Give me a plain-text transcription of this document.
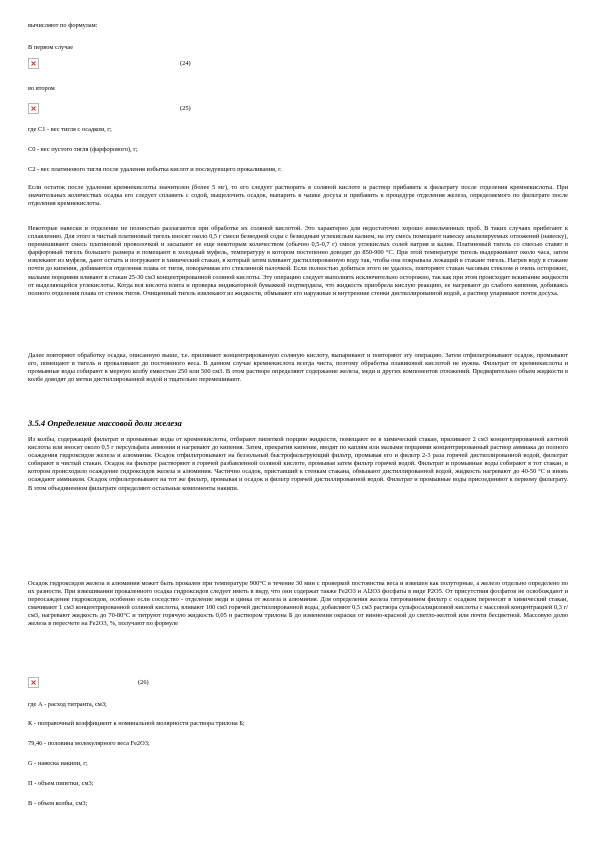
вычисляют по формулам:

В первом случае

(24)

во втором

(25)

где C1 - вес тигля с осадком, г;

C0 - вес пустого тигля (фарфорового), г;

C2 - вес платинового тигля после удаления избытка кислот и последующего прокаливания, г.

Если остаток после удаления кремнекислоты значителен (более 5 мг), то его следует растворить в соляной кислоте и раствор прибавить к фильтрату после отделения кремнекислоты. При значительных количествах осадка его следует сплавить с содой, выщелочить осадок, выпарить в чашке досуха и прибавить к процедуре отделения железа, определяемого по фильтрате после отделения кремнекислоты.

Некоторые навески и отделение не полностью разлагаются при обработке их соляной кислотой. Это характерно для недостаточно хорошо измельченных проб. В таких случаях прибегают к сплавлению. Для этого в чистый платиновый тигель вносят около 0,5 г смеси безводной соды с безводным углекислым калием, на эту смесь помещают навеску анализируемых отложений (навеску), перемешивают смесь платиновой проволочкой и засыпают ее еще некоторым количеством (обычно 0,5-0,7 г) смеси углекислых солей натрия и калия. Платиновый тигель со смесью ставят в фарфоровый тигель большего размера и помещают в холодный муфель, температуру в котором постепенно доводят до 850-900 °С. При этой температуре тигель выдерживают около часа, затем извлекают из муфеля, дают остыть и погружают в химический стакан, в который затем вливают дистиллированную воду так, чтобы она покрывала лежащий в стакане тигель. Нагрев воду в стакане почти до кипения, добиваются отделения плава от тигля, поворачивая его стеклянной палочкой. Если полностью добиться этого не удалось, повторяют стакан часовым стеклом и очень осторожно, малыми порциями вливают в стакан 25-30 см3 концентрированной соляной кислоты. Эту операцию следует выполнять исключительно осторожно, так как при этом происходит вскипание жидкости от выделяющейся углекислоты. Когда вся кислота влита и проверка индикаторной бумажкой подтвердила, что жидкость приобрела кислую реакцию, ее нагревают до слабого кипения, добиваясь полного отделения плава от стенок тигля. Очищенный тигель извлекают из жидкости, обмывают его наружные и внутренние стенки дистиллированной водой, а раствор упаривают почти досуха.

Далее повторяют обработку осадка, описанную выше, т.е. приливают концентрированную соляную кислоту, выпаривают и повторяют эту операцию. Затем отфильтровывают осадок, промывают его, помещают в тигель и прокаливают до постоянного веса. В данном случае кремнекислота всегда чиста, поэтому обработка плавиковой кислотой не нужна. Фильтрат от кремнекислоты и промывные воды собирают в мерную колбу емкостью 250 или 500 см3. В этом растворе определяют содержание железа, меди и других компонентов отложений. Предварительно объем жидкости в колбе доводят до метки дистиллированной водой и тщательно перемешивают.

3.5.4 Определение массовой доли железа

Из колбы, содержащей фильтрат и промывные воды от кремнекислоты, отбирают пипеткой порцию жидкости, помещают ее в химический стакан, приливают 2 см3 концентрированной азотной кислоты или вносят около 0,5 г персульфата аммония и нагревают до кипения. Затем, прекратив кипение, вводят по каплям или малыми порциями концентрированный раствор аммиака до полного осаждения гидроксидов железа и алюминия. Осадок отфильтровывают на беззольный быстрофильтрующий фильтр, промывая его и фильтр 2-3 раза горячей дистиллированной водой, фильтрат собирают в чистый стакан. Осадок на фильтре растворяют в горячей разбавленной соляной кислоте, промывая затем фильтр горячей водой. Фильтрат и промывные воды собирают в тот стакан, в котором происходило осаждение гидроксидов железа и алюминия. Частично осадок, приставший к стенкам стакана, обмывают дистиллированной водой, жидкость нагревают до 40-50 °С и вновь осаждают аммиаком. Осадок отфильтровывают на тот же фильтр, промывая и осадок и фильтр горячей дистиллированной водой. Фильтрат и промывные воды присоединяют к первому фильтрату. В этом объединенном фильтрате определяют остальные компоненты накипи.

Осадок гидроксидов железа и алюминия может быть прокален при температуре 900°С в течение 30 мин с проверкой постоянства веса и взвешен как полуторные, а железо отдельно определено по их разности. При взвешивании прокаленного осадка гидроксидов следует иметь в виду, что они содержат также Fe2O3 и Al2O3 фосфаты в виде P2O5. От присутствия фосфатов не освобождают и переосаждение гидроксидов, особенно если соседство - отделение меди и цинка от железа и алюминия. Для определения железа титрованием фильтр с осадком переносят в химический стакан, смачивают 1 см3 концентрированной соляной кислоты, вливают 100 см3 горячей дистиллированной воды, добавляют 0,5 см3 раствора сульфосалициловой кислоты с массовой концентрацией 0,3 г/см3, нагревают жидкость до 70-80°С и титруют горячую жидкость 0,05 н раствором трилона Б до изменения окраски от винно-красной до светло-желтой или почти бесцветной. Массовую долю железа в пересчете на Fe2O3, %, получают по формуле

(26)

где А - расход титранта, см3;

К - поправочный коэффициент к номинальной молярности раствора трилона Б;

79,46 - половина молекулярного веса Fe2O3;

G - навеска накипи, г;

П - объем пипетки, см3;

В - объем колбы, см3;
